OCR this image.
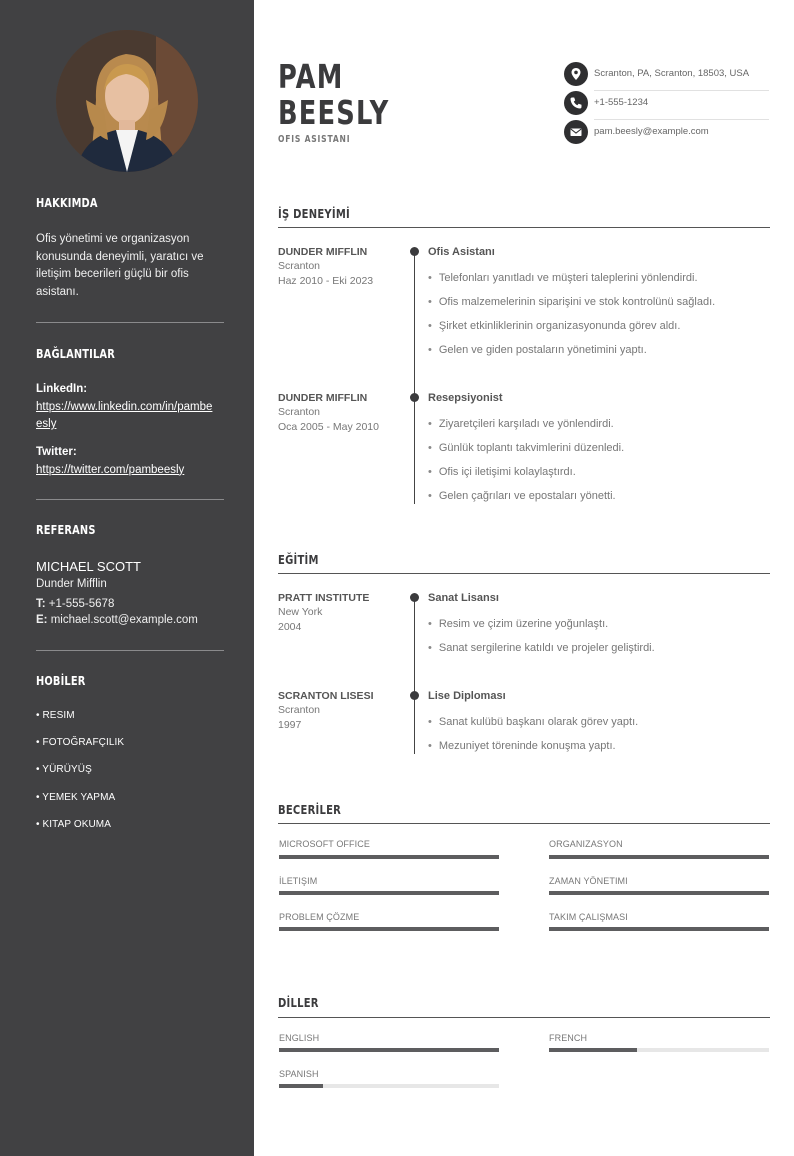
HAKKIMDA
Ofis yönetimi ve organizasyon konusunda deneyimli, yaratıcı ve iletişim becerileri güçlü bir ofis asistanı.
BAĞLANTILAR
LinkedIn:
https://www.linkedin.com/in/pambeesly
Twitter:
https://twitter.com/pambeesly
REFERANS
MICHAEL SCOTT
Dunder Mifflin
T: +1-555-5678
E: michael.scott@example.com
HOBİLER
• RESIM
• FOTOĞRAFÇILIK
• YÜRÜYÜŞ
• YEMEK YAPMA
• KITAP OKUMA
PAM
BEESLY
OFIS ASISTANI
Scranton, PA, Scranton, 18503, USA
+1-555-1234
pam.beesly@example.com
İŞ DENEYİMİ
DUNDER MIFFLIN
Scranton
Haz 2010 - Eki 2023
Ofis Asistanı
• Telefonları yanıtladı ve müşteri taleplerini yönlendirdi.
• Ofis malzemelerinin siparişini ve stok kontrolünü sağladı.
• Şirket etkinliklerinin organizasyonunda görev aldı.
• Gelen ve giden postaların yönetimini yaptı.
DUNDER MIFFLIN
Scranton
Oca 2005 - May 2010
Resepsiyonist
• Ziyaretçileri karşıladı ve yönlendirdi.
• Günlük toplantı takvimlerini düzenledi.
• Ofis içi iletişimi kolaylaştırdı.
• Gelen çağrıları ve epostaları yönetti.
EĞİTİM
PRATT INSTITUTE
New York
2004
Sanat Lisansı
• Resim ve çizim üzerine yoğunlaştı.
• Sanat sergilerine katıldı ve projeler geliştirdi.
SCRANTON LISESI
Scranton
1997
Lise Diploması
• Sanat kulübü başkanı olarak görev yaptı.
• Mezuniyet töreninde konuşma yaptı.
BECERİLER
MICROSOFT OFFICE	ORGANIZASYON
İLETIŞIM	ZAMAN YÖNETIMI
PROBLEM ÇÖZME	TAKIM ÇALIŞMASI
DİLLER
ENGLISH	FRENCH
SPANISH
